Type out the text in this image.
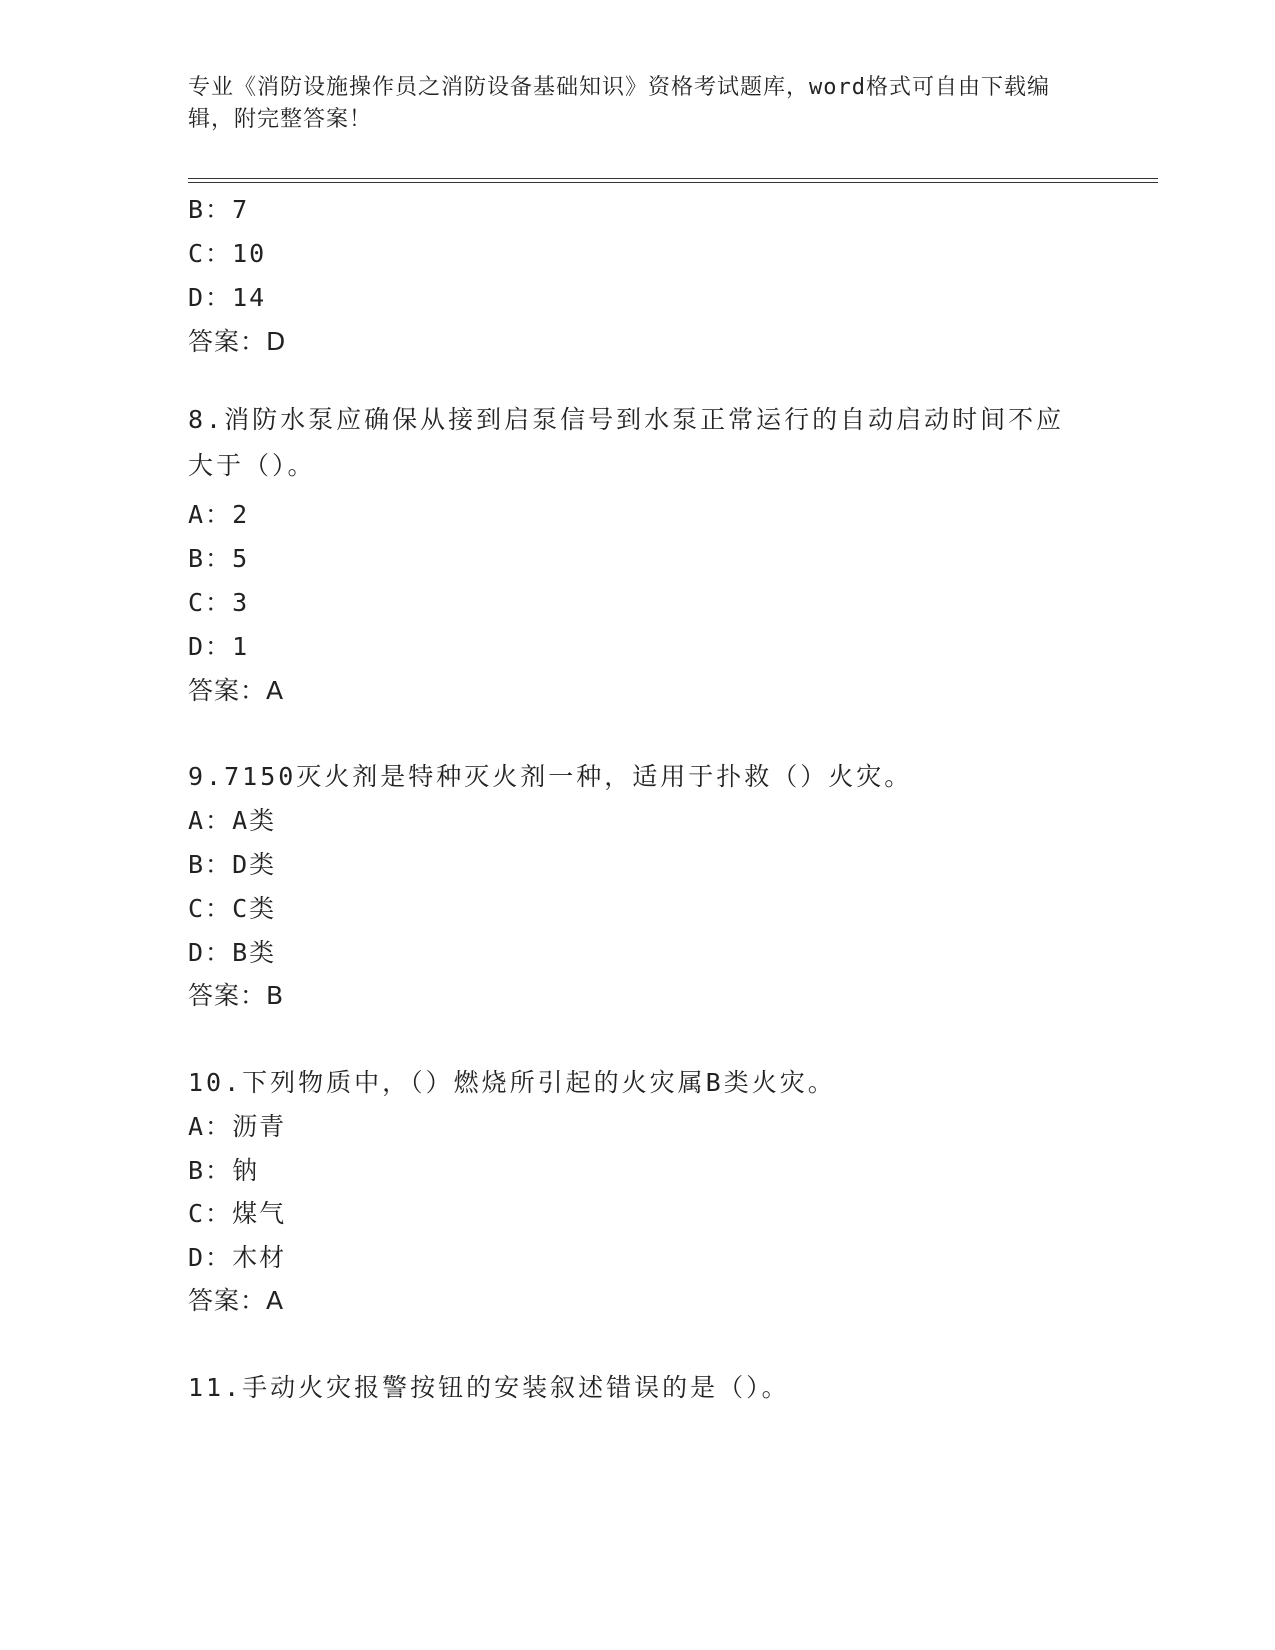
专业《消防设施操作员之消防设备基础知识》资格考试题库，word格式可自由下载编辑，附完整答案！
B：7
C：10
D：14
答案：D
8.消防水泵应确保从接到启泵信号到水泵正常运行的自动启动时间不应大于（）。
A：2
B：5
C：3
D：1
答案：A
9.7150灭火剂是特种灭火剂一种，适用于扑救（）火灾。
A：A类
B：D类
C：C类
D：B类
答案：B
10.下列物质中，（）燃烧所引起的火灾属B类火灾。
A：沥青
B：钠
C：煤气
D：木材
答案：A
11.手动火灾报警按钮的安装叙述错误的是（）。
